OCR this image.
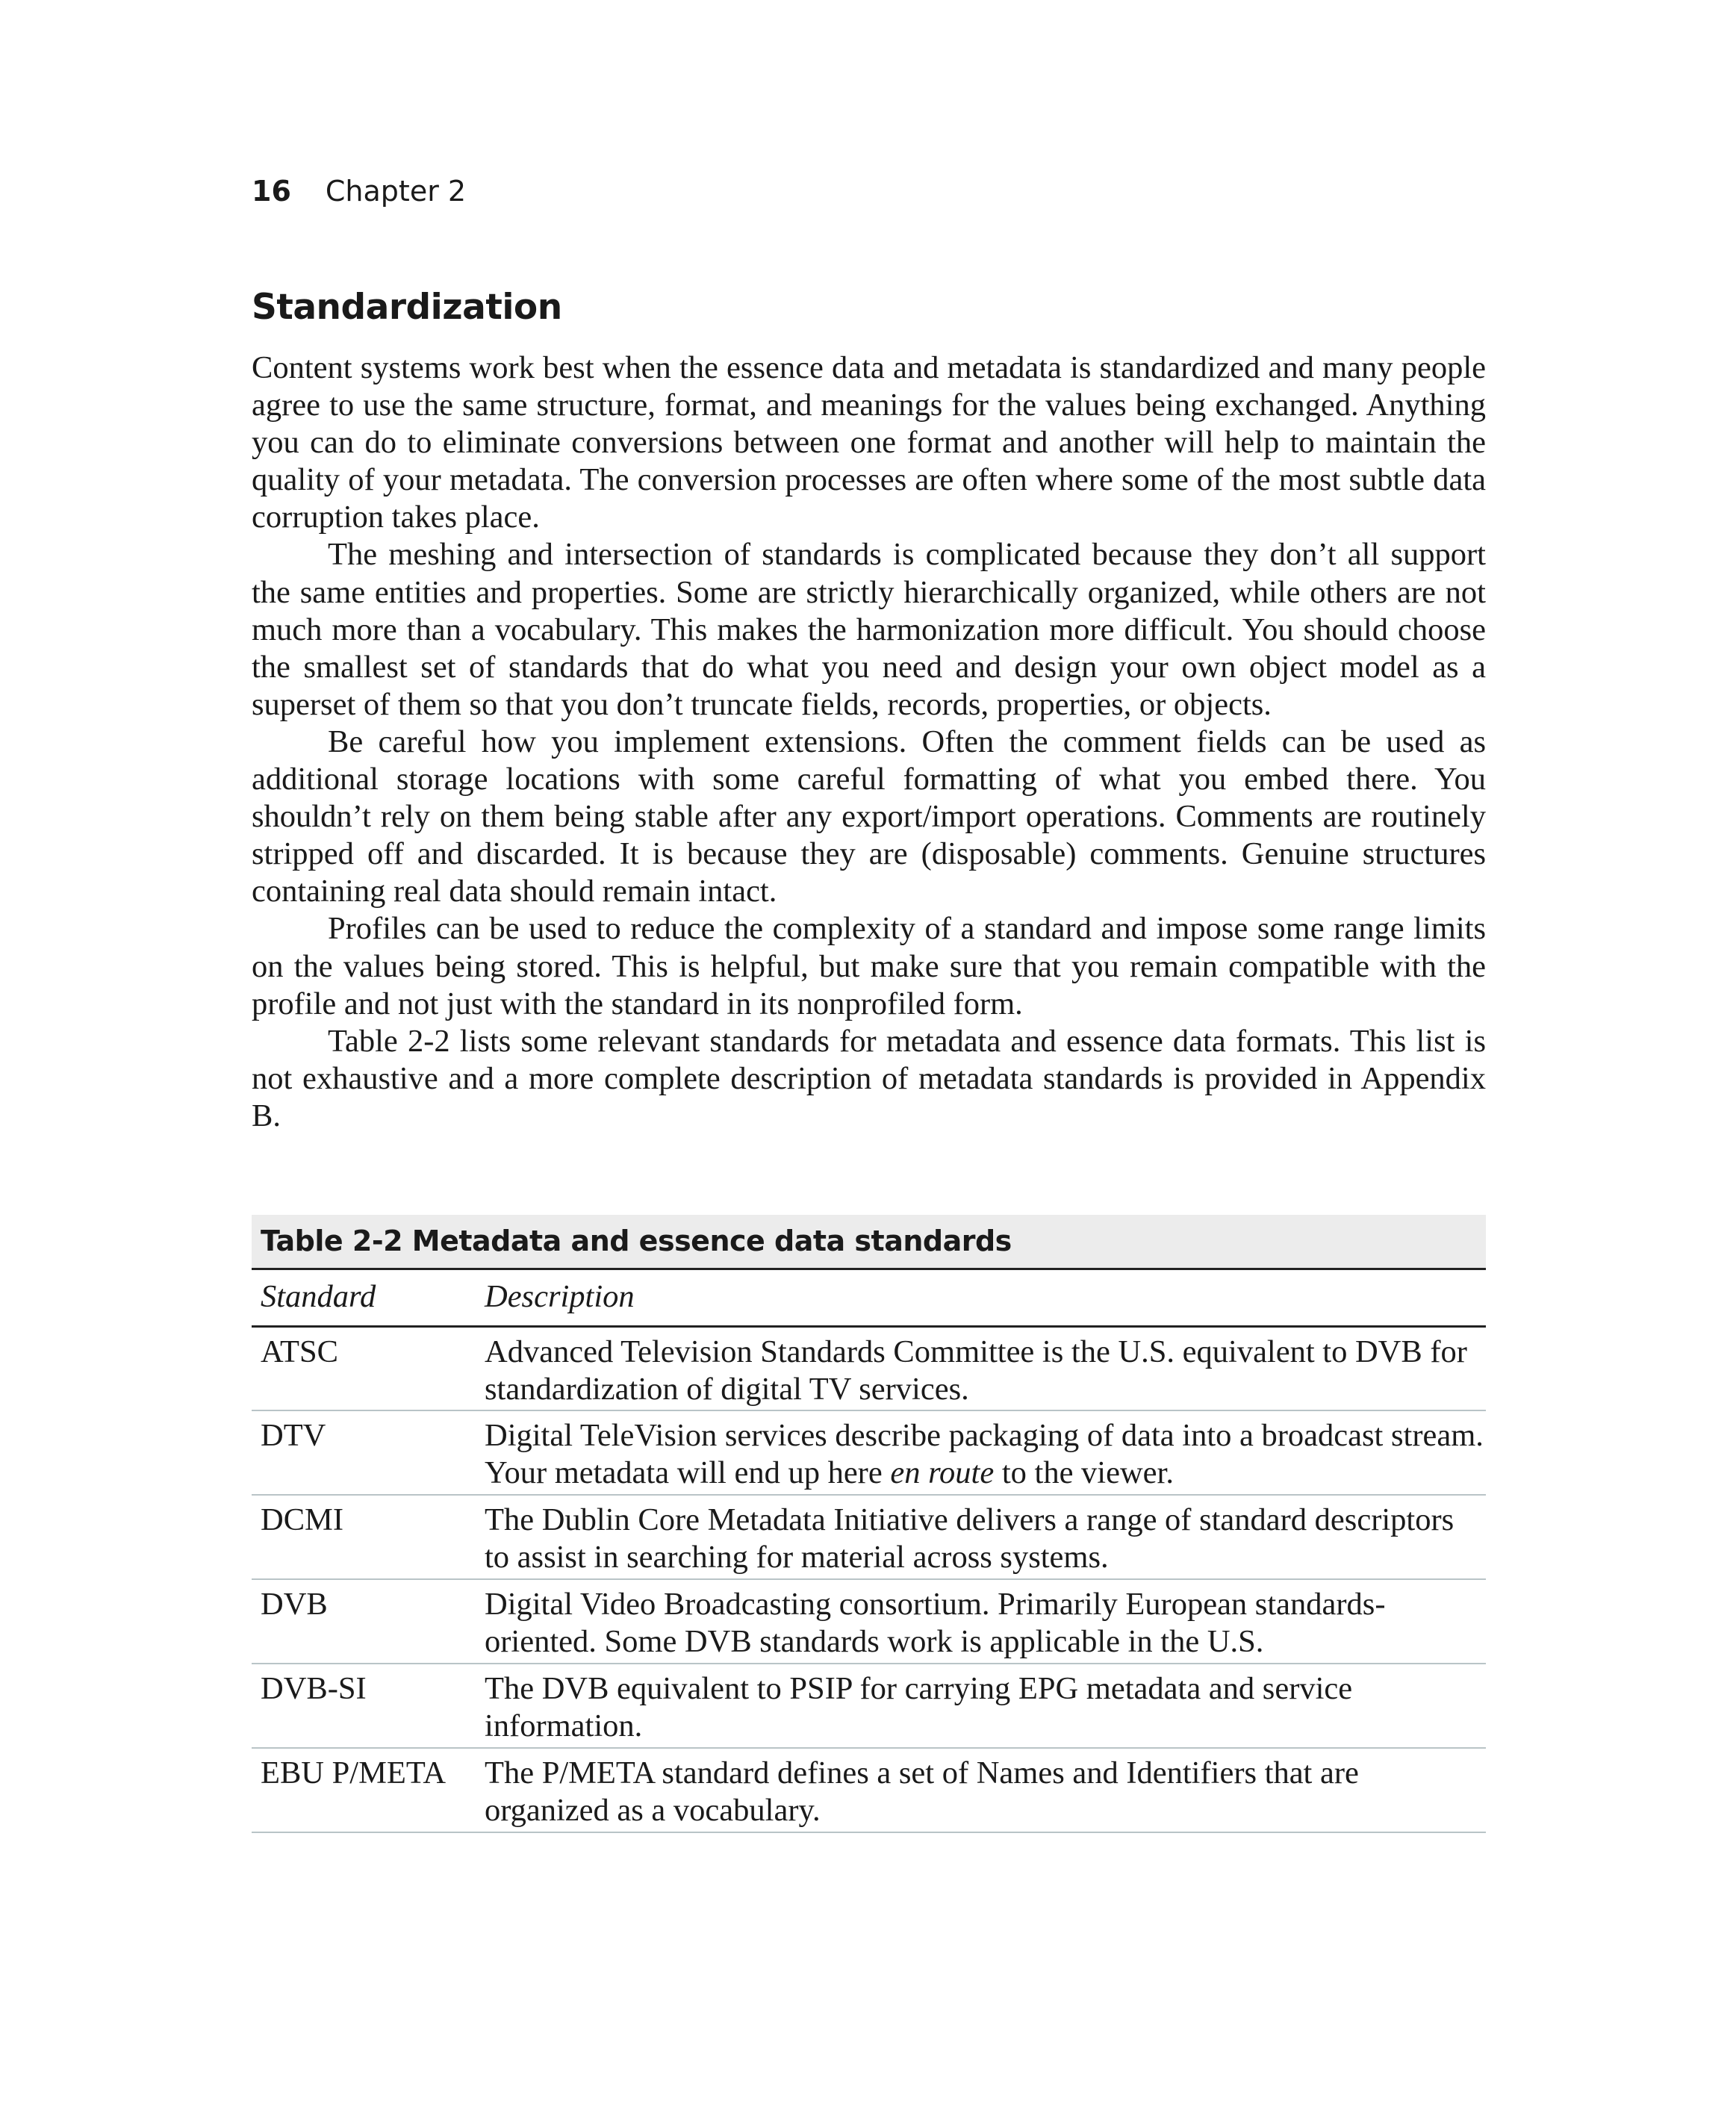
16 Chapter 2
Standardization

Content systems work best when the essence data and metadata is standardized and many people agree to use the same structure, format, and meanings for the values being exchanged. Anything you can do to eliminate conversions between one format and another will help to maintain the quality of your metadata. The conversion processes are often where some of the most subtle data corruption takes place.

The meshing and intersection of standards is complicated because they don’t all support the same entities and properties. Some are strictly hierarchically organized, while others are not much more than a vocabulary. This makes the harmonization more difficult. You should choose the smallest set of standards that do what you need and design your own object model as a superset of them so that you don’t truncate fields, records, properties, or objects.

Be careful how you implement extensions. Often the comment fields can be used as additional storage locations with some careful formatting of what you embed there. You shouldn’t rely on them being stable after any export/import operations. Comments are routinely stripped off and discarded. It is because they are (disposable) comments. Genuine structures containing real data should remain intact.

Profiles can be used to reduce the complexity of a standard and impose some range limits on the values being stored. This is helpful, but make sure that you remain compatible with the profile and not just with the standard in its nonprofiled form.

Table 2-2 lists some relevant standards for metadata and essence data formats. This list is not exhaustive and a more complete description of metadata standards is provided in Appendix B.

Table 2-2 Metadata and essence data standards
Standard	Description
ATSC	Advanced Television Standards Committee is the U.S. equivalent to DVB for standardization of digital TV services.
DTV	Digital TeleVision services describe packaging of data into a broadcast stream. Your metadata will end up here en route to the viewer.
DCMI	The Dublin Core Metadata Initiative delivers a range of standard descriptors to assist in searching for material across systems.
DVB	Digital Video Broadcasting consortium. Primarily European standards-oriented. Some DVB standards work is applicable in the U.S.
DVB-SI	The DVB equivalent to PSIP for carrying EPG metadata and service information.
EBU P/META	The P/META standard defines a set of Names and Identifiers that are organized as a vocabulary.
